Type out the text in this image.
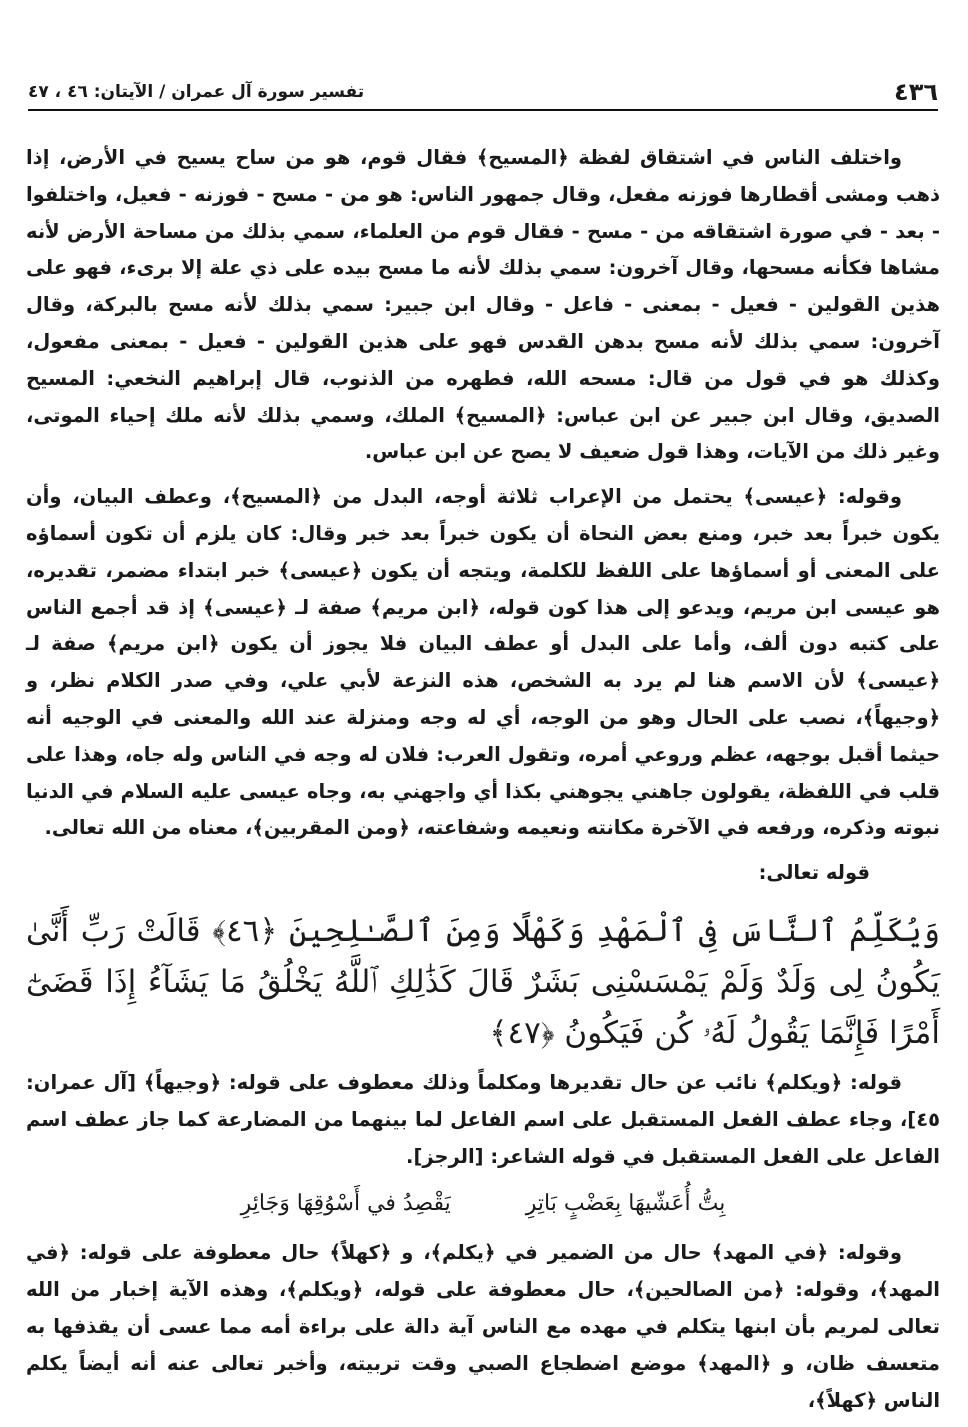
٤٣٦
تفسير سورة آل عمران / الآيتان: ٤٦ ، ٤٧

واختلف الناس في اشتقاق لفظة ﴿المسيح﴾ فقال قوم، هو من ساح يسيح في الأرض، إذا ذهب ومشى أقطارها فوزنه مفعل، وقال جمهور الناس: هو من - مسح - فوزنه - فعيل، واختلفوا - بعد - في صورة اشتقاقه من - مسح - فقال قوم من العلماء، سمي بذلك من مساحة الأرض لأنه مشاها فكأنه مسحها، وقال آخرون: سمي بذلك لأنه ما مسح بيده على ذي علة إلا برىء، فهو على هذين القولين - فعيل - بمعنى - فاعل - وقال ابن جبير: سمي بذلك لأنه مسح بالبركة، وقال آخرون: سمي بذلك لأنه مسح بدهن القدس فهو على هذين القولين - فعيل - بمعنى مفعول، وكذلك هو في قول من قال: مسحه الله، فطهره من الذنوب، قال إبراهيم النخعي: المسيح الصديق، وقال ابن جبير عن ابن عباس: ﴿المسيح﴾ الملك، وسمي بذلك لأنه ملك إحياء الموتى، وغير ذلك من الآيات، وهذا قول ضعيف لا يصح عن ابن عباس.

وقوله: ﴿عيسى﴾ يحتمل من الإعراب ثلاثة أوجه، البدل من ﴿المسيح﴾، وعطف البيان، وأن يكون خبراً بعد خبر، ومنع بعض النحاة أن يكون خبراً بعد خبر وقال: كان يلزم أن تكون أسماؤه على المعنى أو أسماؤها على اللفظ للكلمة، ويتجه أن يكون ﴿عيسى﴾ خبر ابتداء مضمر، تقديره، هو عيسى ابن مريم، ويدعو إلى هذا كون قوله، ﴿ابن مريم﴾ صفة لـ ﴿عيسى﴾ إذ قد أجمع الناس على كتبه دون ألف، وأما على البدل أو عطف البيان فلا يجوز أن يكون ﴿ابن مريم﴾ صفة لـ ﴿عيسى﴾ لأن الاسم هنا لم يرد به الشخص، هذه النزعة لأبي علي، وفي صدر الكلام نظر، و ﴿وجيهاً﴾، نصب على الحال وهو من الوجه، أي له وجه ومنزلة عند الله والمعنى في الوجيه أنه حيثما أقبل بوجهه، عظم وروعي أمره، وتقول العرب: فلان له وجه في الناس وله جاه، وهذا على قلب في اللفظة، يقولون جاهني يجوهني بكذا أي واجهني به، وجاه عيسى عليه السلام في الدنيا نبوته وذكره، ورفعه في الآخرة مكانته ونعيمه وشفاعته، ﴿ومن المقربين﴾، معناه من الله تعالى.

قوله تعالى:

وَيُكَلِّمُ ٱلنَّاسَ فِى ٱلْمَهْدِ وَكَهْلًا وَمِنَ ٱلصَّـٰلِحِينَ ﴿٤٦﴾ قَالَتْ رَبِّ أَنَّىٰ يَكُونُ لِى وَلَدٌ وَلَمْ يَمْسَسْنِى بَشَرٌ قَالَ كَذَٰلِكِ ٱللَّهُ يَخْلُقُ مَا يَشَآءُ إِذَا قَضَىٰٓ أَمْرًا فَإِنَّمَا يَقُولُ لَهُۥ كُن فَيَكُونُ ﴿٤٧﴾

قوله: ﴿ويكلم﴾ نائب عن حال تقديرها ومكلماً وذلك معطوف على قوله: ﴿وجيهاً﴾ [آل عمران: ٤٥]، وجاء عطف الفعل المستقبل على اسم الفاعل لما بينهما من المضارعة كما جاز عطف اسم الفاعل على الفعل المستقبل في قوله الشاعر: [الرجز].

بِتُّ أُعَشّيهَا بِعَضْبٍ بَاتِرِ يَقْصِدُ في أَسْوُقِهَا وَجَائِرِ

وقوله: ﴿في المهد﴾ حال من الضمير في ﴿يكلم﴾، و ﴿كهلاً﴾ حال معطوفة على قوله: ﴿في المهد﴾، وقوله: ﴿من الصالحين﴾، حال معطوفة على قوله، ﴿ويكلم﴾، وهذه الآية إخبار من الله تعالى لمريم بأن ابنها يتكلم في مهده مع الناس آية دالة على براءة أمه مما عسى أن يقذفها به متعسف ظان، و ﴿المهد﴾ موضع اضطجاع الصبي وقت تربيته، وأخبر تعالى عنه أنه أيضاً يكلم الناس ﴿كهلاً﴾،
